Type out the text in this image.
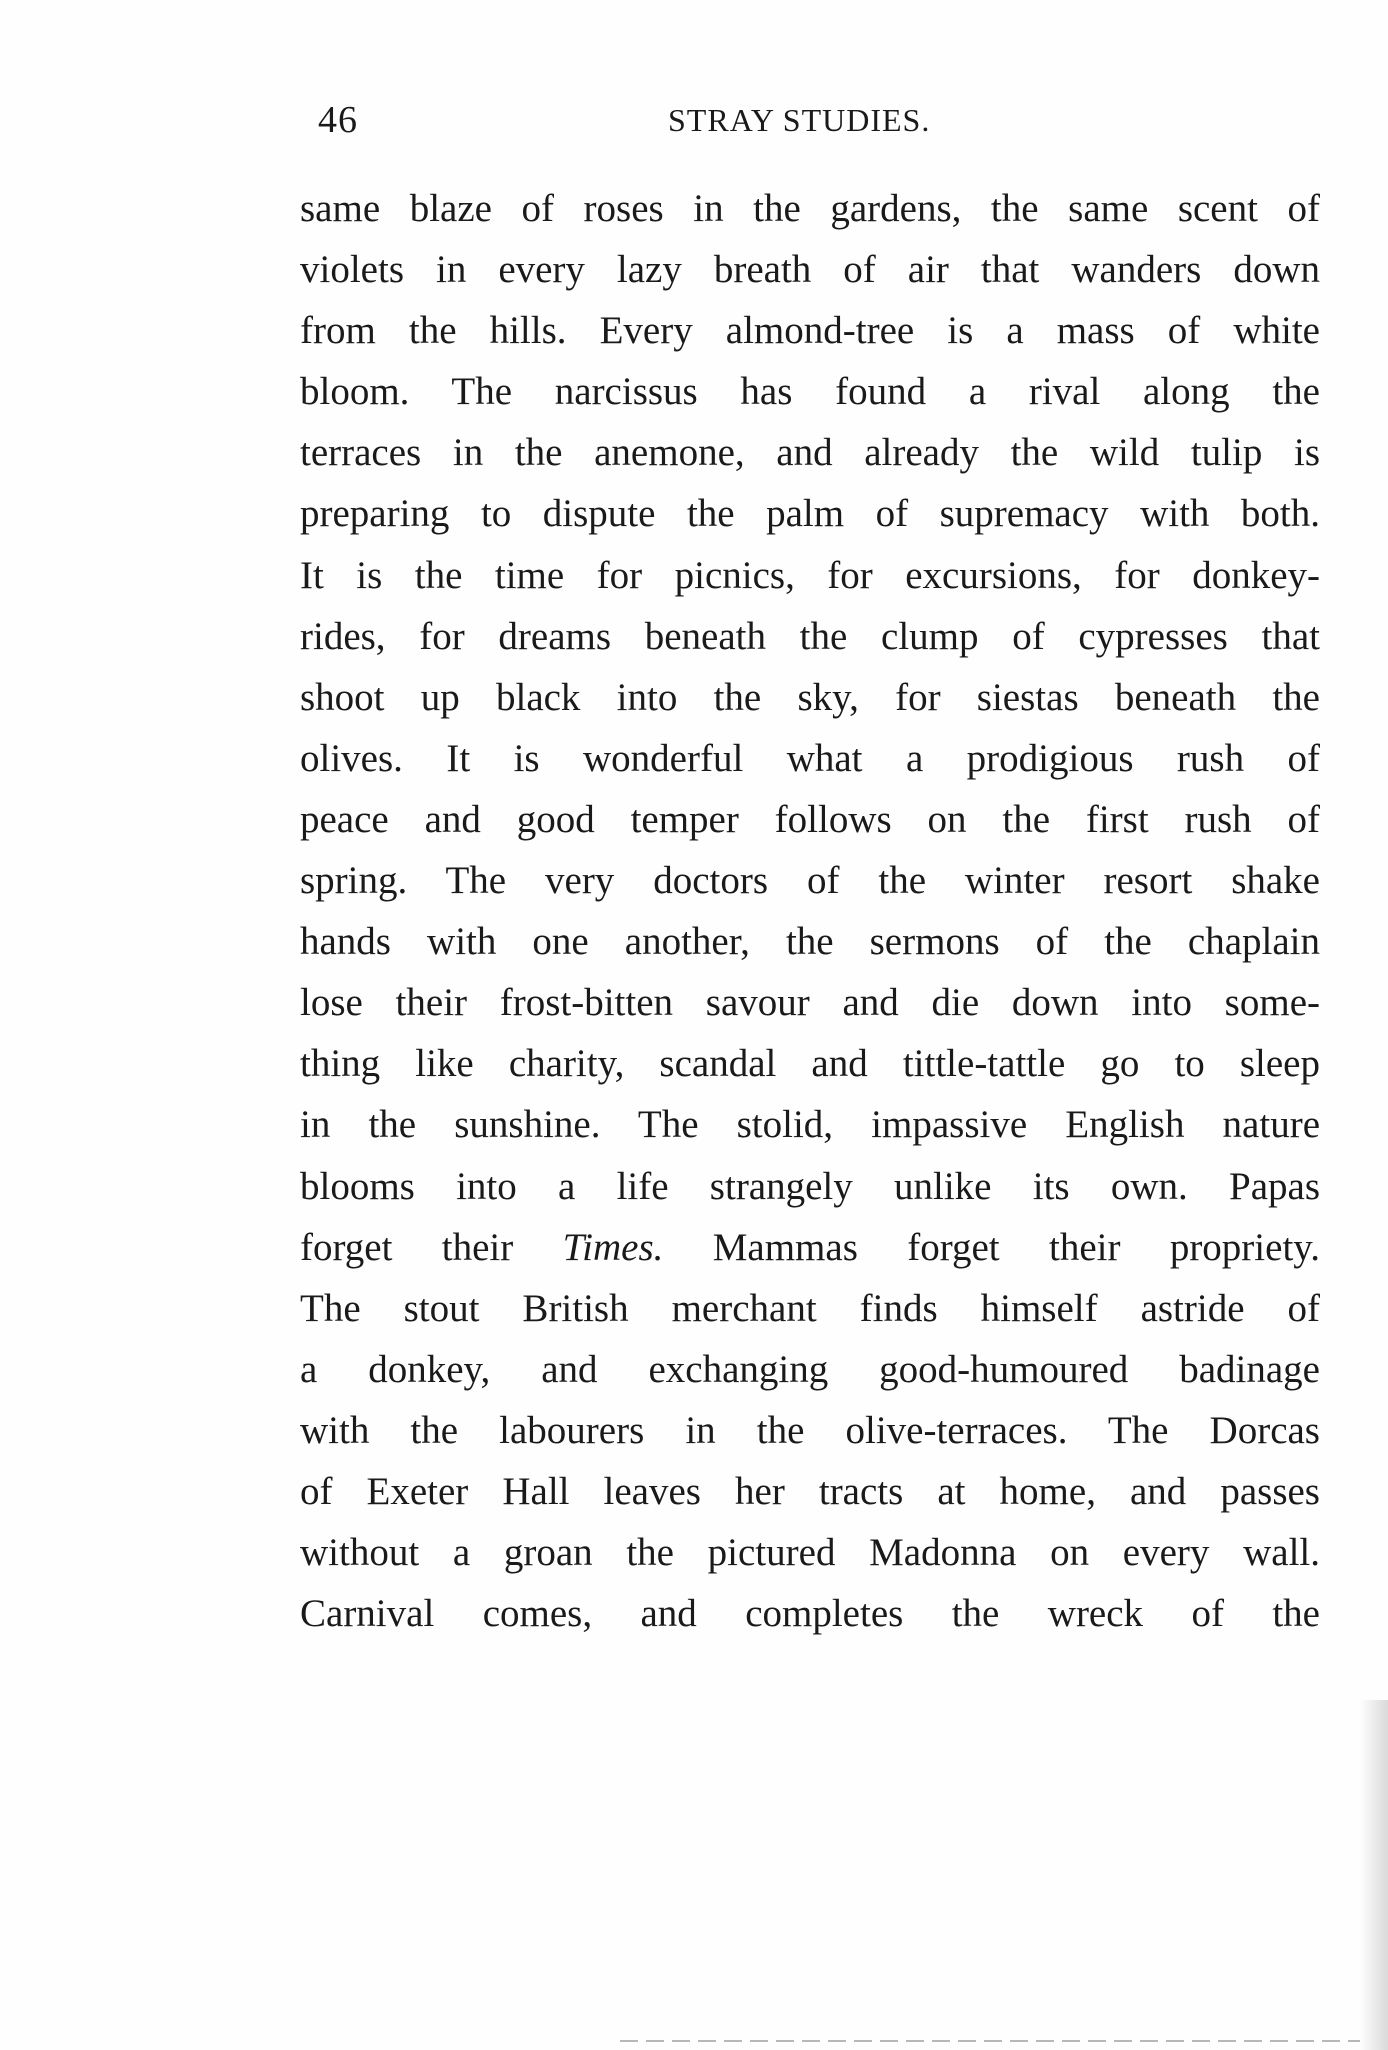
46	STRAY STUDIES.
same blaze of roses in the gardens, the same scent of
violets in every lazy breath of air that wanders down
from the hills. Every almond-tree is a mass of white
bloom. The narcissus has found a rival along the
terraces in the anemone, and already the wild tulip is
preparing to dispute the palm of supremacy with both.
It is the time for picnics, for excursions, for donkey-
rides, for dreams beneath the clump of cypresses that
shoot up black into the sky, for siestas beneath the
olives. It is wonderful what a prodigious rush of
peace and good temper follows on the first rush of
spring. The very doctors of the winter resort shake
hands with one another, the sermons of the chaplain
lose their frost-bitten savour and die down into some-
thing like charity, scandal and tittle-tattle go to sleep
in the sunshine. The stolid, impassive English nature
blooms into a life strangely unlike its own. Papas
forget their Times. Mammas forget their propriety.
The stout British merchant finds himself astride of
a donkey, and exchanging good-humoured badinage
with the labourers in the olive-terraces. The Dorcas
of Exeter Hall leaves her tracts at home, and passes
without a groan the pictured Madonna on every wall.
Carnival comes, and completes the wreck of the
